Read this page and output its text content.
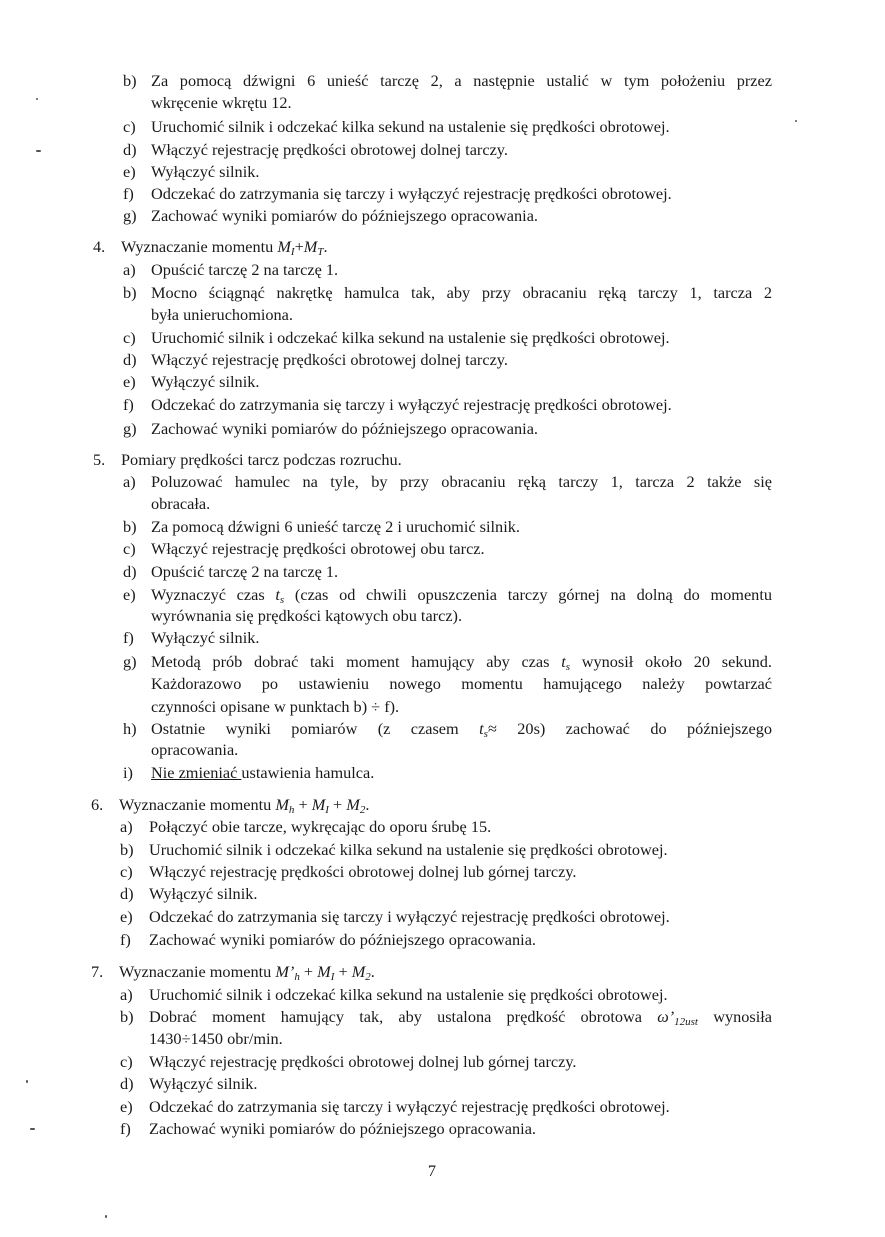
b) Za pomocą dźwigni 6 unieść tarczę 2, a następnie ustalić w tym położeniu przez
wkręcenie wkrętu 12.
c) Uruchomić silnik i odczekać kilka sekund na ustalenie się prędkości obrotowej.
d) Włączyć rejestrację prędkości obrotowej dolnej tarczy.
e) Wyłączyć silnik.
f) Odczekać do zatrzymania się tarczy i wyłączyć rejestrację prędkości obrotowej.
g) Zachować wyniki pomiarów do późniejszego opracowania.
4. Wyznaczanie momentu $M_I+M_T$.
a) Opuścić tarczę 2 na tarczę 1.
b) Mocno ściągnąć nakrętkę hamulca tak, aby przy obracaniu ręką tarczy 1, tarcza 2
była unieruchomiona.
c) Uruchomić silnik i odczekać kilka sekund na ustalenie się prędkości obrotowej.
d) Włączyć rejestrację prędkości obrotowej dolnej tarczy.
e) Wyłączyć silnik.
f) Odczekać do zatrzymania się tarczy i wyłączyć rejestrację prędkości obrotowej.
g) Zachować wyniki pomiarów do późniejszego opracowania.
5. Pomiary prędkości tarcz podczas rozruchu.
a) Poluzować hamulec na tyle, by przy obracaniu ręką tarczy 1, tarcza 2 także się
obracała.
b) Za pomocą dźwigni 6 unieść tarczę 2 i uruchomić silnik.
c) Włączyć rejestrację prędkości obrotowej obu tarcz.
d) Opuścić tarczę 2 na tarczę 1.
e) Wyznaczyć czas $t_s$ (czas od chwili opuszczenia tarczy górnej na dolną do momentu
wyrównania się prędkości kątowych obu tarcz).
f) Wyłączyć silnik.
g) Metodą prób dobrać taki moment hamujący aby czas $t_s$ wynosił około 20 sekund.
Każdorazowo po ustawieniu nowego momentu hamującego należy powtarzać
czynności opisane w punktach b) ÷ f).
h) Ostatnie wyniki pomiarów (z czasem $t_s\approx 20s$) zachować do późniejszego
opracowania.
i) Nie zmieniać ustawienia hamulca.
6. Wyznaczanie momentu $M_h + M_I + M_2$.
a) Połączyć obie tarcze, wykręcając do oporu śrubę 15.
b) Uruchomić silnik i odczekać kilka sekund na ustalenie się prędkości obrotowej.
c) Włączyć rejestrację prędkości obrotowej dolnej lub górnej tarczy.
d) Wyłączyć silnik.
e) Odczekać do zatrzymania się tarczy i wyłączyć rejestrację prędkości obrotowej.
f) Zachować wyniki pomiarów do późniejszego opracowania.
7. Wyznaczanie momentu $M’_h + M_I + M_2$.
a) Uruchomić silnik i odczekać kilka sekund na ustalenie się prędkości obrotowej.
b) Dobrać moment hamujący tak, aby ustalona prędkość obrotowa $\omega’_{12ust}$ wynosiła
1430÷1450 obr/min.
c) Włączyć rejestrację prędkości obrotowej dolnej lub górnej tarczy.
d) Wyłączyć silnik.
e) Odczekać do zatrzymania się tarczy i wyłączyć rejestrację prędkości obrotowej.
f) Zachować wyniki pomiarów do późniejszego opracowania.
7
